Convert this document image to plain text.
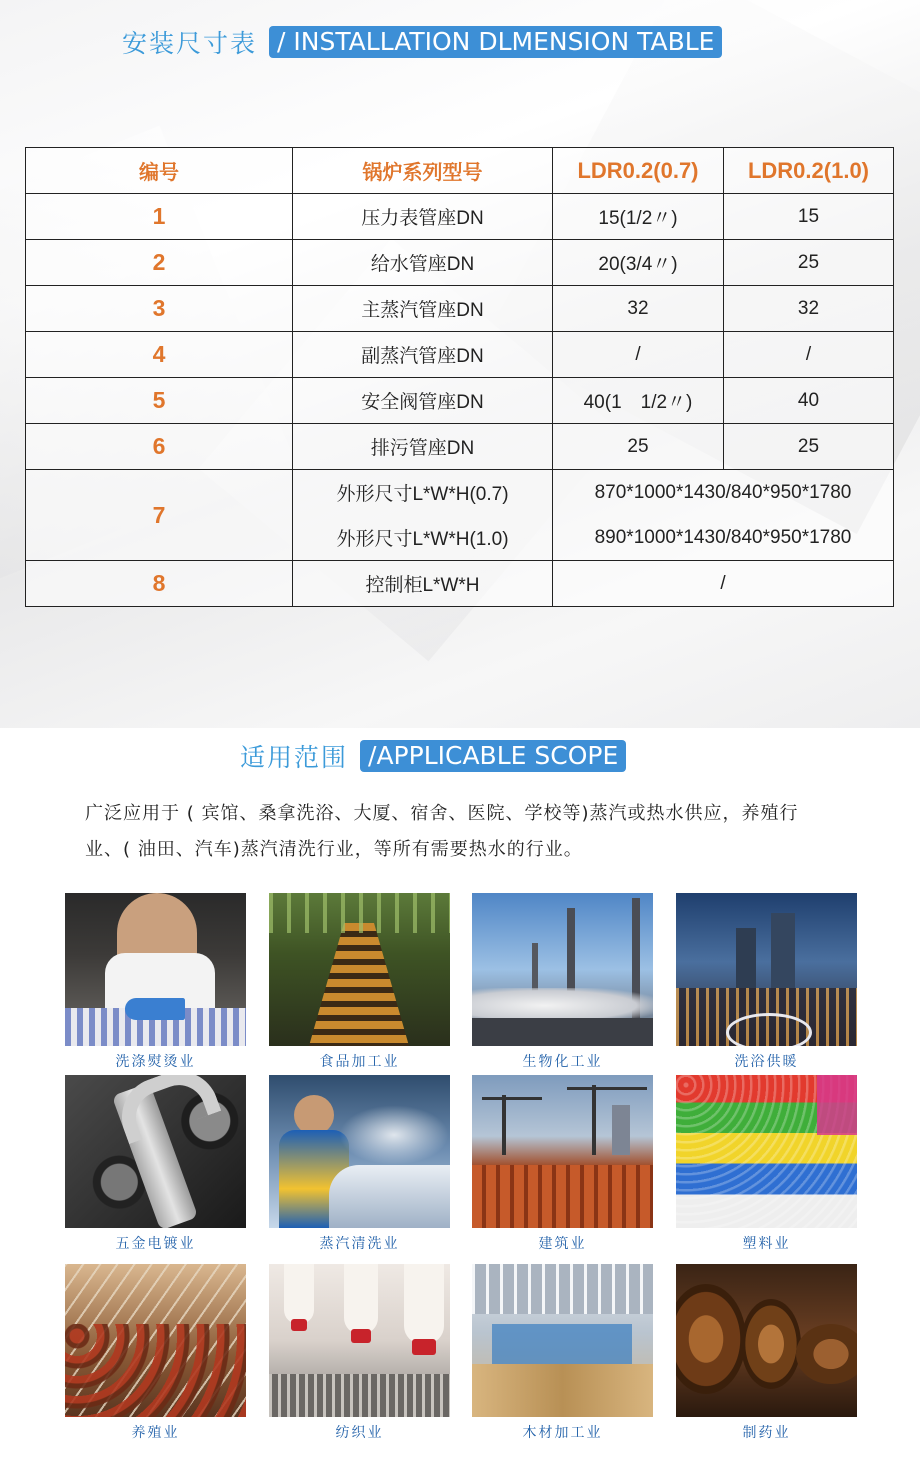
安装尺寸表 / INSTALLATION DLMENSION TABLE
编号	锅炉系列型号	LDR0.2(0.7)	LDR0.2(1.0)
1	压力表管座DN	15(1/2〃)	15
2	给水管座DN	20(3/4〃)	25
3	主蒸汽管座DN	32	32
4	副蒸汽管座DN	/	/
5	安全阀管座DN	40(1　1/2〃)	40
6	排污管座DN	25	25
7	外形尺寸L*W*H(0.7)	870*1000*1430/840*950*1780	
	外形尺寸L*W*H(1.0)	890*1000*1430/840*950*1780	
8	控制柜L*W*H	/	
适用范围 /APPLICABLE SCOPE
广泛应用于 ( 宾馆、桑拿洗浴、大厦、宿舍、医院、学校等)蒸汽或热水供应，养殖行
业、( 油田、汽车)蒸汽清洗行业，等所有需要热水的行业。
洗涤熨烫业	食品加工业	生物化工业	洗浴供暖
五金电镀业	蒸汽清洗业	建筑业	塑料业
养殖业	纺织业	木材加工业	制药业
